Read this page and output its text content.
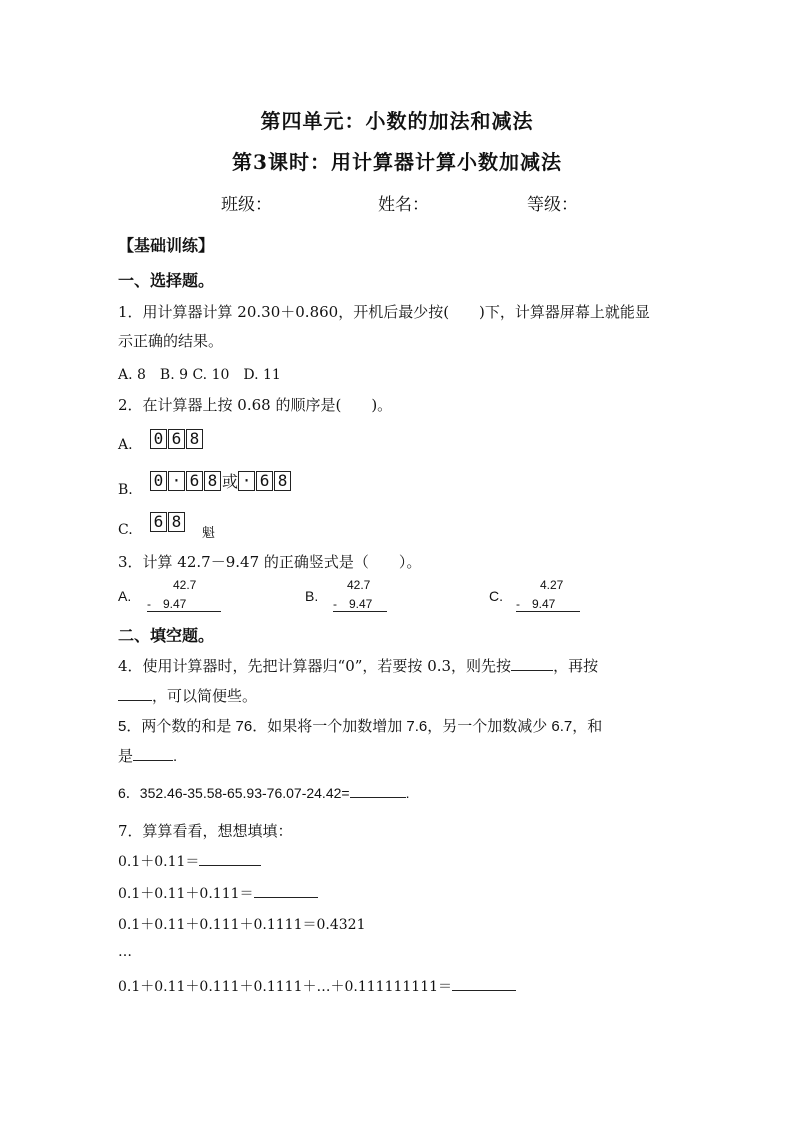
第四单元：小数的加法和减法
第3课时：用计算器计算小数加减法
班级：	姓名：	等级：
【基础训练】
一、选择题。
1．用计算器计算 20.30＋0.860，开机后最少按(　　)下，计算器屏幕上就能显
示正确的结果。
A. 8　B. 9 C. 10　D. 11
2．在计算器上按 0.68 的顺序是(　　)。
A. 0 6 8
B.
0 · 6 8 或 · 6 8
C. 6 8
魁
3．计算 42.7－9.47 的正确竖式是（　　）。
A.
42.7
-　9.47	B.
42.7
-　9.47	C.
4.27
-　9.47
二、填空题。
4．使用计算器时，先把计算器归“0”，若要按 0.3，则先按	，再按
，可以简便些。
5．两个数的和是 76．如果将一个加数增加 7.6，另一个加数减少 6.7，和
是	.
6．352.46-35.58-65.93-76.07-24.42=	.
7．算算看看，想想填填：
0.1＋0.11＝
0.1＋0.11＋0.111＝
0.1＋0.11＋0.111＋0.1111＝0.4321
…
0.1＋0.11＋0.111＋0.1111＋…＋0.111111111＝
